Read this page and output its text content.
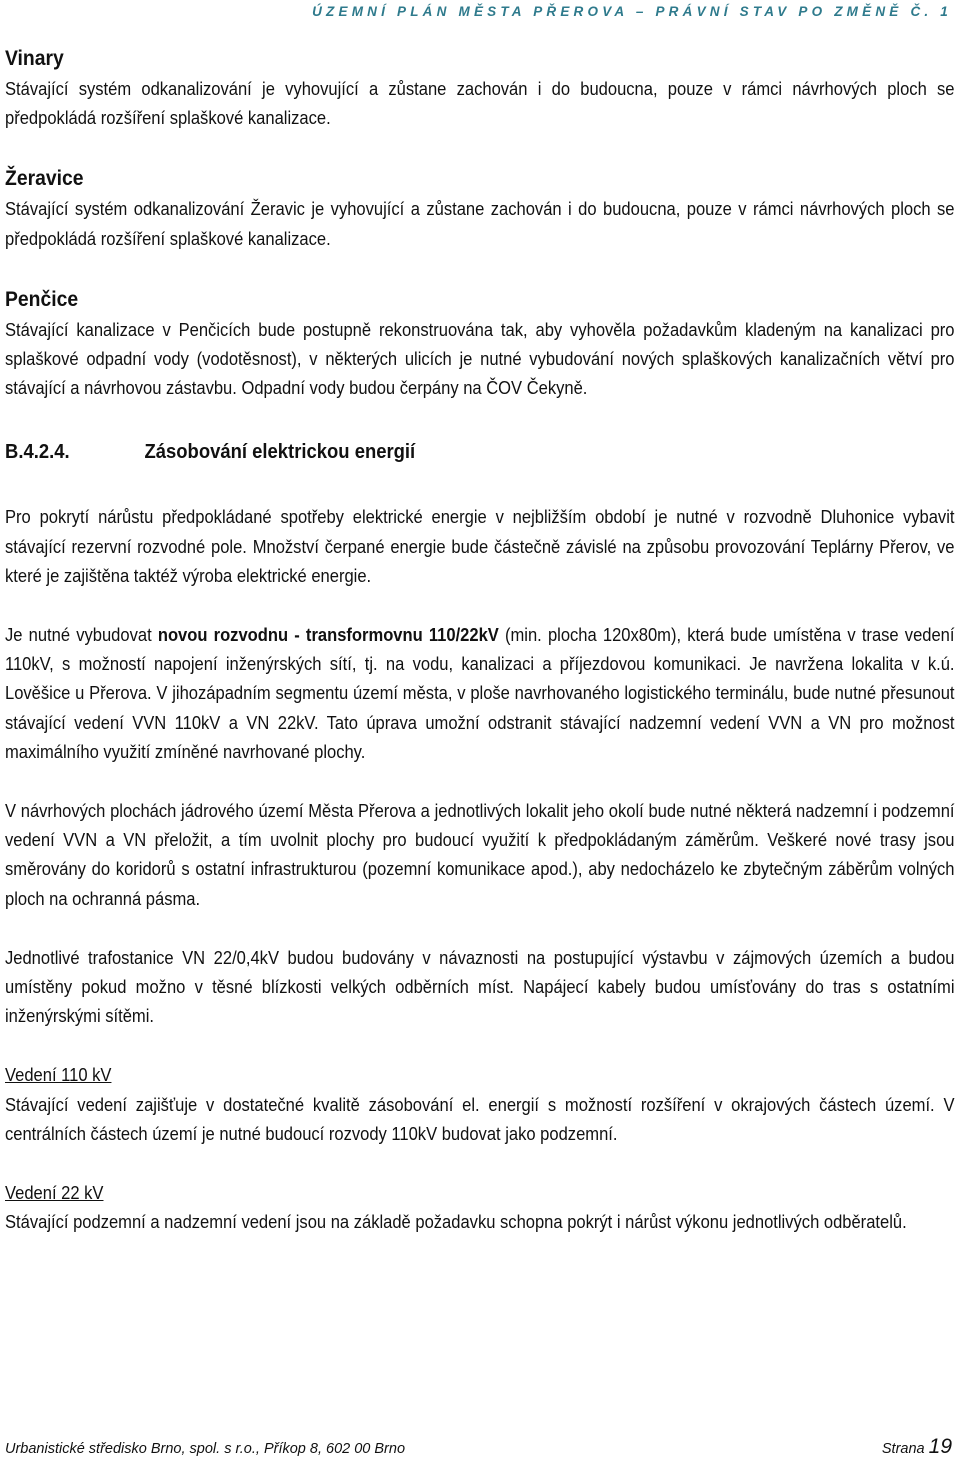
ÚZEMNÍ PLÁN MĚSTA PŘEROVA – PRÁVNÍ STAV PO ZMĚNĚ Č. 1
Vinary

Stávající systém odkanalizování je vyhovující a zůstane zachován i do budoucna, pouze v rámci návrhových ploch se předpokládá rozšíření splaškové kanalizace.

Žeravice

Stávající systém odkanalizování Žeravic je vyhovující a zůstane zachován i do budoucna, pouze v rámci návrhových ploch se předpokládá rozšíření splaškové kanalizace.

Penčice

Stávající kanalizace v Penčicích bude postupně rekonstruována tak, aby vyhověla požadavkům kladeným na kanalizaci pro splaškové odpadní vody (vodotěsnost), v některých ulicích je nutné vybudování nových splaškových kanalizačních větví pro stávající a návrhovou zástavbu. Odpadní vody budou čerpány na ČOV Čekyně.

B.4.2.4.	Zásobování elektrickou energií

Pro pokrytí nárůstu předpokládané spotřeby elektrické energie v nejbližším období je nutné v rozvodně Dluhonice vybavit stávající rezervní rozvodné pole. Množství čerpané energie bude částečně závislé na způsobu provozování Teplárny Přerov, ve které je zajištěna taktéž výroba elektrické energie.

Je nutné vybudovat novou rozvodnu - transformovnu 110/22kV (min. plocha 120x80m), která bude umístěna v trase vedení 110kV, s možností napojení inženýrských sítí, tj. na vodu, kanalizaci a příjezdovou komunikaci. Je navržena lokalita v k.ú. Lověšice u Přerova. V jihozápadním segmentu území města, v ploše navrhovaného logistického terminálu, bude nutné přesunout stávající vedení VVN 110kV a VN 22kV. Tato úprava umožní odstranit stávající nadzemní vedení VVN a VN pro možnost maximálního využití zmíněné navrhované plochy.

V návrhových plochách jádrového území Města Přerova a jednotlivých lokalit jeho okolí bude nutné některá nadzemní i podzemní vedení VVN a VN přeložit, a tím uvolnit plochy pro budoucí využití k předpokládaným záměrům. Veškeré nové trasy jsou směrovány do koridorů s ostatní infrastrukturou (pozemní komunikace apod.), aby nedocházelo ke zbytečným záběrům volných ploch na ochranná pásma.

Jednotlivé trafostanice VN 22/0,4kV budou budovány v návaznosti na postupující výstavbu v zájmových územích a budou umístěny pokud možno v těsné blízkosti velkých odběrních míst. Napájecí kabely budou umísťovány do tras s ostatními inženýrskými sítěmi.

Vedení 110 kV

Stávající vedení zajišťuje v dostatečné kvalitě zásobování el. energií s možností rozšíření v okrajových částech území. V centrálních částech území je nutné budoucí rozvody 110kV budovat jako podzemní.

Vedení 22 kV

Stávající podzemní a nadzemní vedení jsou na základě požadavku schopna pokrýt i nárůst výkonu jednotlivých odběratelů.

Urbanistické středisko Brno, spol. s r.o., Příkop 8, 602 00 Brno	Strana 19
